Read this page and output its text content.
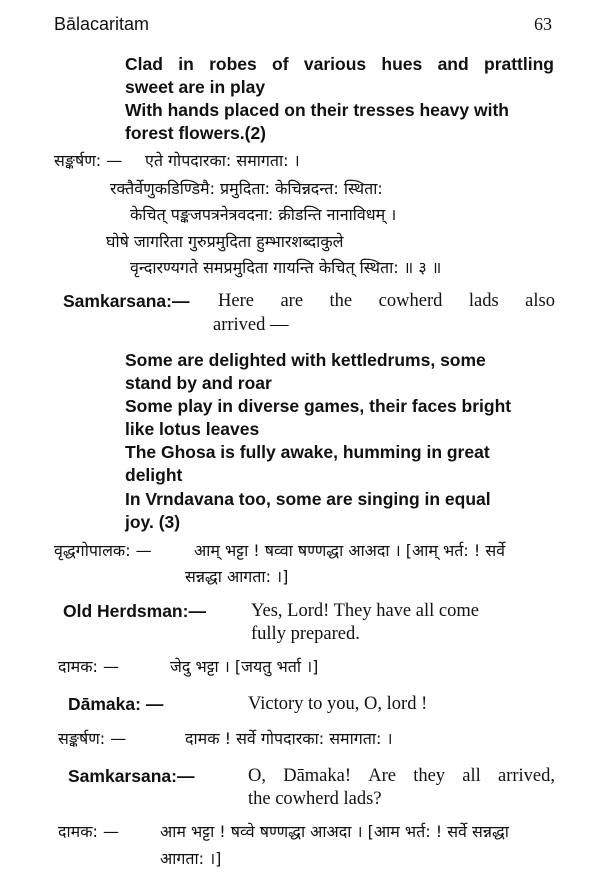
Bālacaritam	63
Clad in robes of various hues and prattling
sweet are in play
With hands placed on their tresses heavy with
forest flowers.(2)
सङ्कर्षण: — एते गोपदारका: समागता: ।
रक्तैर्वेणुकडिण्डिमै: प्रमुदिता: केचिन्नदन्त: स्थिता:
केचित् पङ्कजपत्रनेत्रवदना: क्रीडन्ति नानाविधम् ।
घोषे जागरिता गुरुप्रमुदिता हुम्भारशब्दाकुले
वृन्दारण्यगते समप्रमुदिता गायन्ति केचित् स्थिता: ॥ ३ ॥
Samkarsana:— Here are the cowherd lads also
arrived —
Some are delighted with kettledrums, some
stand by and roar
Some play in diverse games, their faces bright
like lotus leaves
The Ghosa is fully awake, humming in great
delight
In Vrndavana too, some are singing in equal
joy. (3)
वृद्धगोपालक: —	आम् भट्टा ! षव्वा षण्णद्धा आअदा । [आम् भर्त: ! सर्वे
सन्नद्धा आगता: ।]
Old Herdsman:— Yes, Lord! They have all come
fully prepared.
दामक: —	जेदु भट्टा । [जयतु भर्ता ।]
Dāmaka: —	Victory to you, O, lord !
सङ्कर्षण: —	दामक ! सर्वे गोपदारका: समागता: ।
Samkarsana:—	O, Dāmaka! Are they all arrived,
the cowherd lads?
दामक: —	आम भट्टा ! षव्वे षण्णद्धा आअदा । [आम भर्त: ! सर्वे सन्नद्धा
आगता: ।]
